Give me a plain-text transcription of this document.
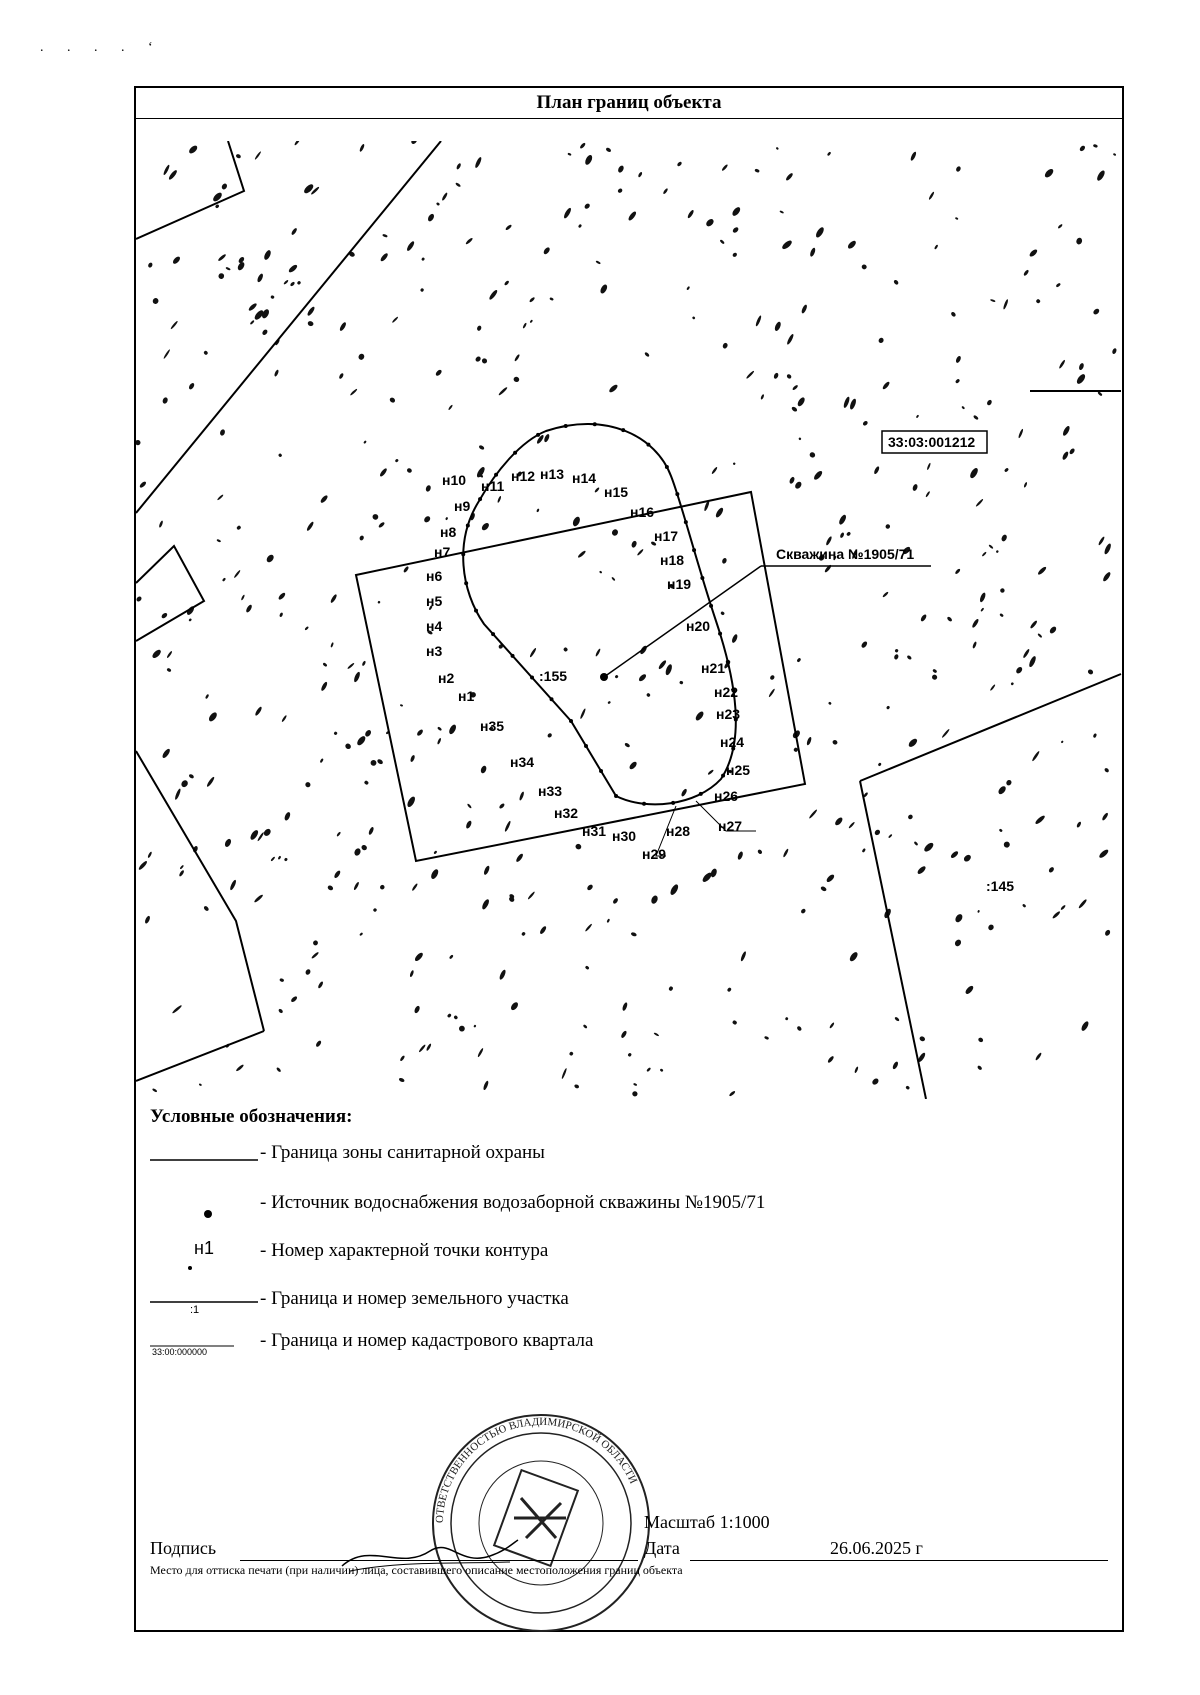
. . . . ‘
План границ объекта
Скважина №1905/71
33:03:001212
:155
:145
н1
н2
н3
н4
н5
н6
н7
н8
н9
н10 н11
н12 н13 н14
н15
н16
н17
н18
н19
н20
н21
н22
н23
н24
н25
н26
н27
н28
н29
н30
н31
н32
н33
н34
н35
Условные обозначения:
- Граница зоны санитарной охраны
- Источник водоснабжения водозаборной скважины №1905/71
н1 - Номер характерной точки контура
:1
- Граница и номер земельного участка
33:00:000000
- Граница и номер кадастрового квартала
ОТВЕТСТВЕННОСТЬЮ ВЛАДИМИРСКОЙ ОБЛАСТИ
Масштаб 1:1000
Подпись	Дата	26.06.2025 г
Место для оттиска печати (при наличии) лица, составившего описание местоположения границ объекта
